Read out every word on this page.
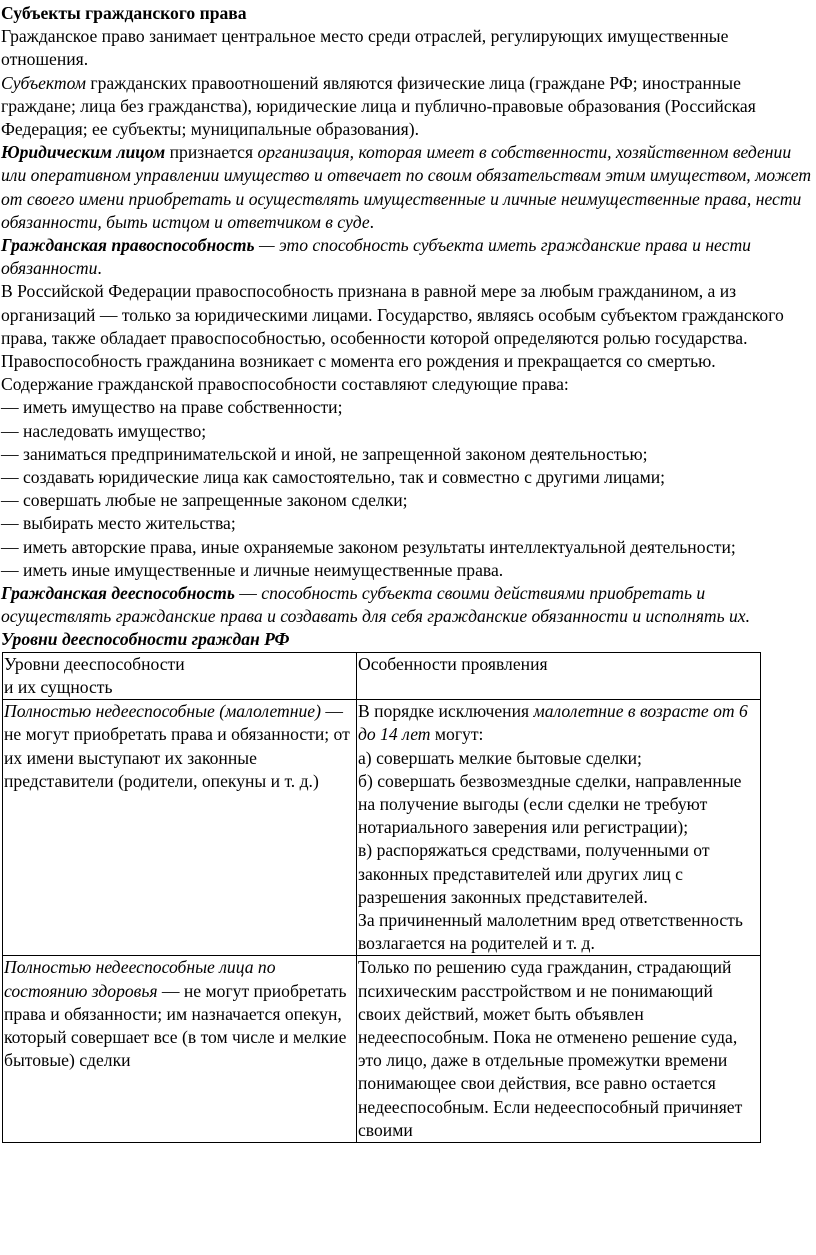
Субъекты гражданского права

Гражданское право занимает центральное место среди отраслей, регулирующих имущественные отношения.

Субъектом гражданских правоотношений являются физические лица (граждане РФ; иностранные граждане; лица без гражданства), юридические лица и публично-правовые образования (Российская Федерация; ее субъекты; муниципальные образования).

Юридическим лицом признается организация, которая имеет в собственности, хозяйственном ведении или оперативном управлении имущество и отвечает по своим обязательствам этим имуществом, может от своего имени приобретать и осуществлять имущественные и личные неимущественные права, нести обязанности, быть истцом и ответчиком в суде.

Гражданская правоспособность — это способность субъекта иметь гражданские права и нести обязанности.

В Российской Федерации правоспособность признана в равной мере за любым гражданином, а из организаций — только за юридическими лицами. Государство, являясь особым субъектом гражданского права, также обладает правоспособностью, особенности которой определяются ролью государства.

Правоспособность гражданина возникает с момента его рождения и прекращается со смертью.

Содержание гражданской правоспособности составляют следующие права:

— иметь имущество на праве собственности;

— наследовать имущество;

— заниматься предпринимательской и иной, не запрещенной законом деятельностью;

— создавать юридические лица как самостоятельно, так и совместно с другими лицами;

— совершать любые не запрещенные законом сделки;

— выбирать место жительства;

— иметь авторские права, иные охраняемые законом результаты интеллектуальной деятельности;

— иметь иные имущественные и личные неимущественные права.

Гражданская дееспособность — способность субъекта своими действиями приобретать и осуществлять гражданские права и создавать для себя гражданские обязанности и исполнять их.

Уровни дееспособности граждан РФ

Уровни дееспособности

и их сущность	Особенности проявления

Полностью недееспособные (малолетние) — не могут приобретать права и обязанности; от их имени выступают их законные представители (родители, опекуны и т. д.)	В порядке исключения малолетние в возрасте от 6 до 14 лет могут:

а) совершать мелкие бытовые сделки;

б) совершать безвозмездные сделки, направленные на получение выгоды (если сделки не требуют нотариального заверения или регистрации);

в) распоряжаться средствами, полученными от законных представителей или других лиц с разрешения законных представителей.

За причиненный малолетним вред ответственность возлагается на родителей и т. д.

Полностью недееспособные лица по состоянию здоровья — не могут приобретать права и обязанности; им назначается опекун, который совершает все (в том числе и мелкие бытовые) сделки	Только по решению суда гражданин, страдающий психическим расстройством и не понимающий своих действий, может быть объявлен недееспособным. Пока не отменено решение суда, это лицо, даже в отдельные промежутки времени понимающее свои действия, все равно остается недееспособным. Если недееспособный причиняет своими
